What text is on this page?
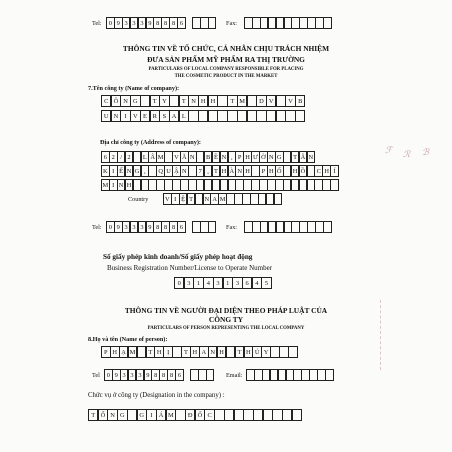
Tel:	0 9 3 3 3 9 8 8 8 6	Fax:
THÔNG TIN VỀ TỔ CHỨC, CÁ NHÂN CHỊU TRÁCH NHIỆM
ĐƯA SẢN PHẨM MỸ PHẨM RA THỊ TRƯỜNG
PARTICULARS OF LOCAL COMPANY RESPONSIBLE FOR PLACING
THE COSMETIC PRODUCT IN THE MARKET
7.Tên công ty (Name of company):
C Ô N G	T Y	T N H H	T M	D V	V B
U N I V E R S A L
Địa chỉ công ty (Address of company):
6 2 / 2	L Â M	V Ă N	B Ề N , P H Ư Ờ N G	T Â N
K I Ế N G ,	Q U Ậ N	7 , T H À N H	P H Ố	H Ồ	C H Í
M I N H
Country	V I Ệ T	N A M
Tel:	0 9 3 3 3 9 8 8 8 6	Fax:
Số giấy phép kinh doanh/Số giấy phép hoạt động
Business Registration Number/License to Operate Number
0	3	1	4	3	1	3	6	4	5
THÔNG TIN VỀ NGƯỜI ĐẠI DIỆN THEO PHÁP LUẬT CỦA
CÔNG TY
PARTICULARS OF PERSON REPRESENTING THE LOCAL COMPANY
8.Họ và tên (Name of person):
P H Ạ M	T H Ị	T H A N H	T H Ủ Y
Tel	0 9 3 3 3 9 8 8 8 6	Email:
Chức vụ ở công ty (Designation in the company) :
T Ổ N G	G I Á M	Đ Ố C
ℱ ℛ ℬ
